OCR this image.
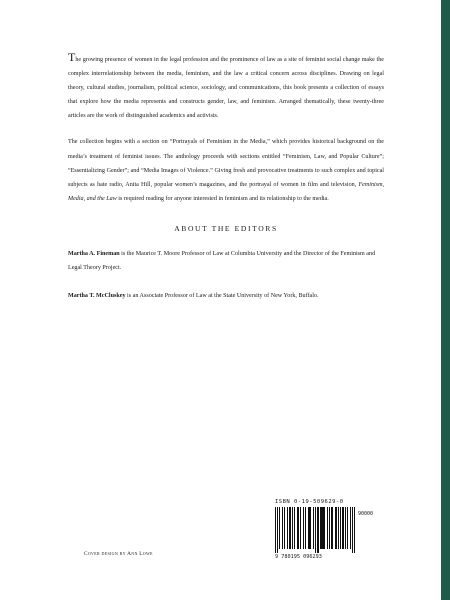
The growing presence of women in the legal profession and the prominence of law as a site of feminist social change make the complex interrelationship between the media, feminism, and the law a critical concern across disciplines. Drawing on legal theory, cultural studies, journalism, political science, sociology, and communications, this book presents a collection of essays that explore how the media represents and constructs gender, law, and feminism. Arranged thematically, these twenty-three articles are the work of distinguished academics and activists.

The collection begins with a section on “Portrayals of Feminism in the Media,” which provides historical background on the media’s treatment of feminist issues. The anthology proceeds with sections entitled “Feminism, Law, and Popular Culture”; “Essentializing Gender”; and “Media Images of Violence.” Giving fresh and provocative treatments to such complex and topical subjects as hate radio, Anita Hill, popular women’s magazines, and the portrayal of women in film and television, Feminism, Media, and the Law is required reading for anyone interested in feminism and its relationship to the media.

ABOUT THE EDITORS

Martha A. Fineman is the Maurice T. Moore Professor of Law at Columbia University and the Director of the Feminism and Legal Theory Project.

Martha T. McCluskey is an Associate Professor of Law at the State University of New York, Buffalo.

Cover design by Ann Lowe
ISBN 0-19-509629-0
90000
9 780195 096293
